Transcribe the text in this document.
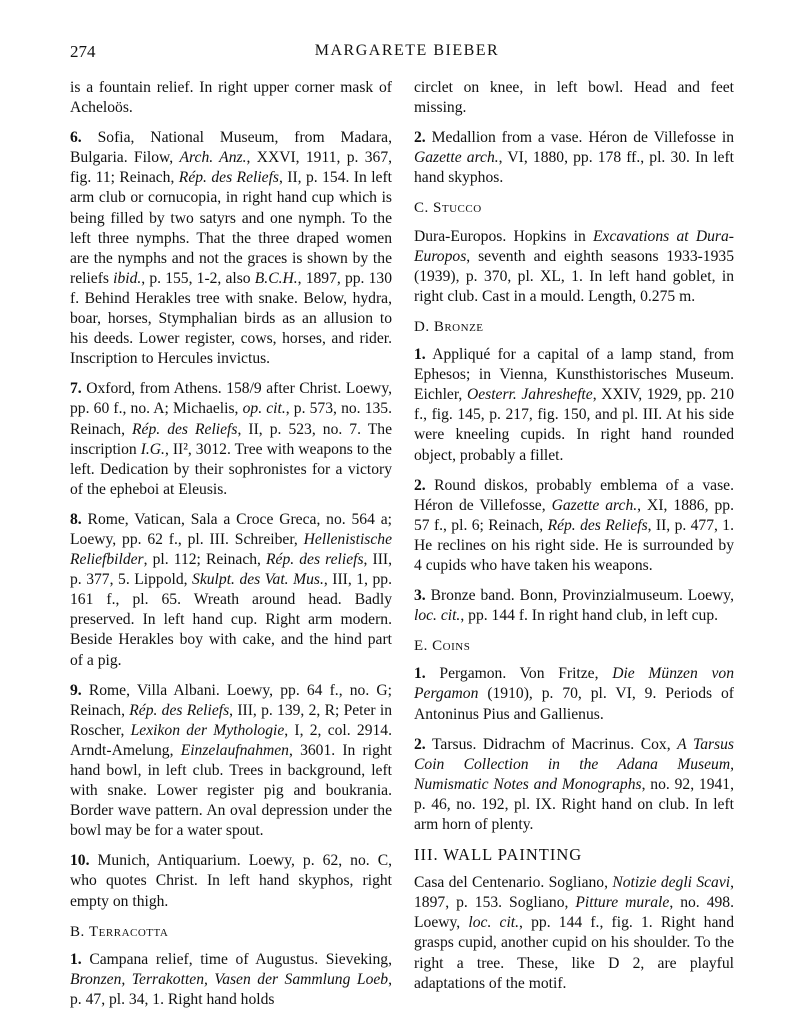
274	MARGARETE BIEBER

is a fountain relief. In right upper corner mask of Acheloös.

6. Sofia, National Museum, from Madara, Bulgaria. Filow, Arch. Anz., XXVI, 1911, p. 367, fig. 11; Reinach, Rép. des Reliefs, II, p. 154. In left arm club or cornucopia, in right hand cup which is being filled by two satyrs and one nymph. To the left three nymphs. That the three draped women are the nymphs and not the graces is shown by the reliefs ibid., p. 155, 1-2, also B.C.H., 1897, pp. 130 f. Behind Herakles tree with snake. Below, hydra, boar, horses, Stymphalian birds as an allusion to his deeds. Lower register, cows, horses, and rider. Inscription to Hercules invictus.

7. Oxford, from Athens. 158/9 after Christ. Loewy, pp. 60 f., no. A; Michaelis, op. cit., p. 573, no. 135. Reinach, Rép. des Reliefs, II, p. 523, no. 7. The inscription I.G., II², 3012. Tree with weapons to the left. Dedication by their sophronistes for a victory of the epheboi at Eleusis.

8. Rome, Vatican, Sala a Croce Greca, no. 564 a; Loewy, pp. 62 f., pl. III. Schreiber, Hellenistische Reliefbilder, pl. 112; Reinach, Rép. des reliefs, III, p. 377, 5. Lippold, Skulpt. des Vat. Mus., III, 1, pp. 161 f., pl. 65. Wreath around head. Badly preserved. In left hand cup. Right arm modern. Beside Herakles boy with cake, and the hind part of a pig.

9. Rome, Villa Albani. Loewy, pp. 64 f., no. G; Reinach, Rép. des Reliefs, III, p. 139, 2, R; Peter in Roscher, Lexikon der Mythologie, I, 2, col. 2914. Arndt-Amelung, Einzelaufnahmen, 3601. In right hand bowl, in left club. Trees in background, left with snake. Lower register pig and boukrania. Border wave pattern. An oval depression under the bowl may be for a water spout.

10. Munich, Antiquarium. Loewy, p. 62, no. C, who quotes Christ. In left hand skyphos, right empty on thigh.

B. Terracotta

1. Campana relief, time of Augustus. Sieveking, Bronzen, Terrakotten, Vasen der Sammlung Loeb, p. 47, pl. 34, 1. Right hand holds

circlet on knee, in left bowl. Head and feet missing.

2. Medallion from a vase. Héron de Villefosse in Gazette arch., VI, 1880, pp. 178 ff., pl. 30. In left hand skyphos.

C. Stucco

Dura-Europos. Hopkins in Excavations at Dura-Europos, seventh and eighth seasons 1933-1935 (1939), p. 370, pl. XL, 1. In left hand goblet, in right club. Cast in a mould. Length, 0.275 m.

D. Bronze

1. Appliqué for a capital of a lamp stand, from Ephesos; in Vienna, Kunsthistorisches Museum. Eichler, Oesterr. Jahreshefte, XXIV, 1929, pp. 210 f., fig. 145, p. 217, fig. 150, and pl. III. At his side were kneeling cupids. In right hand rounded object, probably a fillet.

2. Round diskos, probably emblema of a vase. Héron de Villefosse, Gazette arch., XI, 1886, pp. 57 f., pl. 6; Reinach, Rép. des Reliefs, II, p. 477, 1. He reclines on his right side. He is surrounded by 4 cupids who have taken his weapons.

3. Bronze band. Bonn, Provinzialmuseum. Loewy, loc. cit., pp. 144 f. In right hand club, in left cup.

E. Coins

1. Pergamon. Von Fritze, Die Münzen von Pergamon (1910), p. 70, pl. VI, 9. Periods of Antoninus Pius and Gallienus.

2. Tarsus. Didrachm of Macrinus. Cox, A Tarsus Coin Collection in the Adana Museum, Numismatic Notes and Monographs, no. 92, 1941, p. 46, no. 192, pl. IX. Right hand on club. In left arm horn of plenty.

III. WALL PAINTING

Casa del Centenario. Sogliano, Notizie degli Scavi, 1897, p. 153. Sogliano, Pitture murale, no. 498. Loewy, loc. cit., pp. 144 f., fig. 1. Right hand grasps cupid, another cupid on his shoulder. To the right a tree. These, like D 2, are playful adaptations of the motif.
